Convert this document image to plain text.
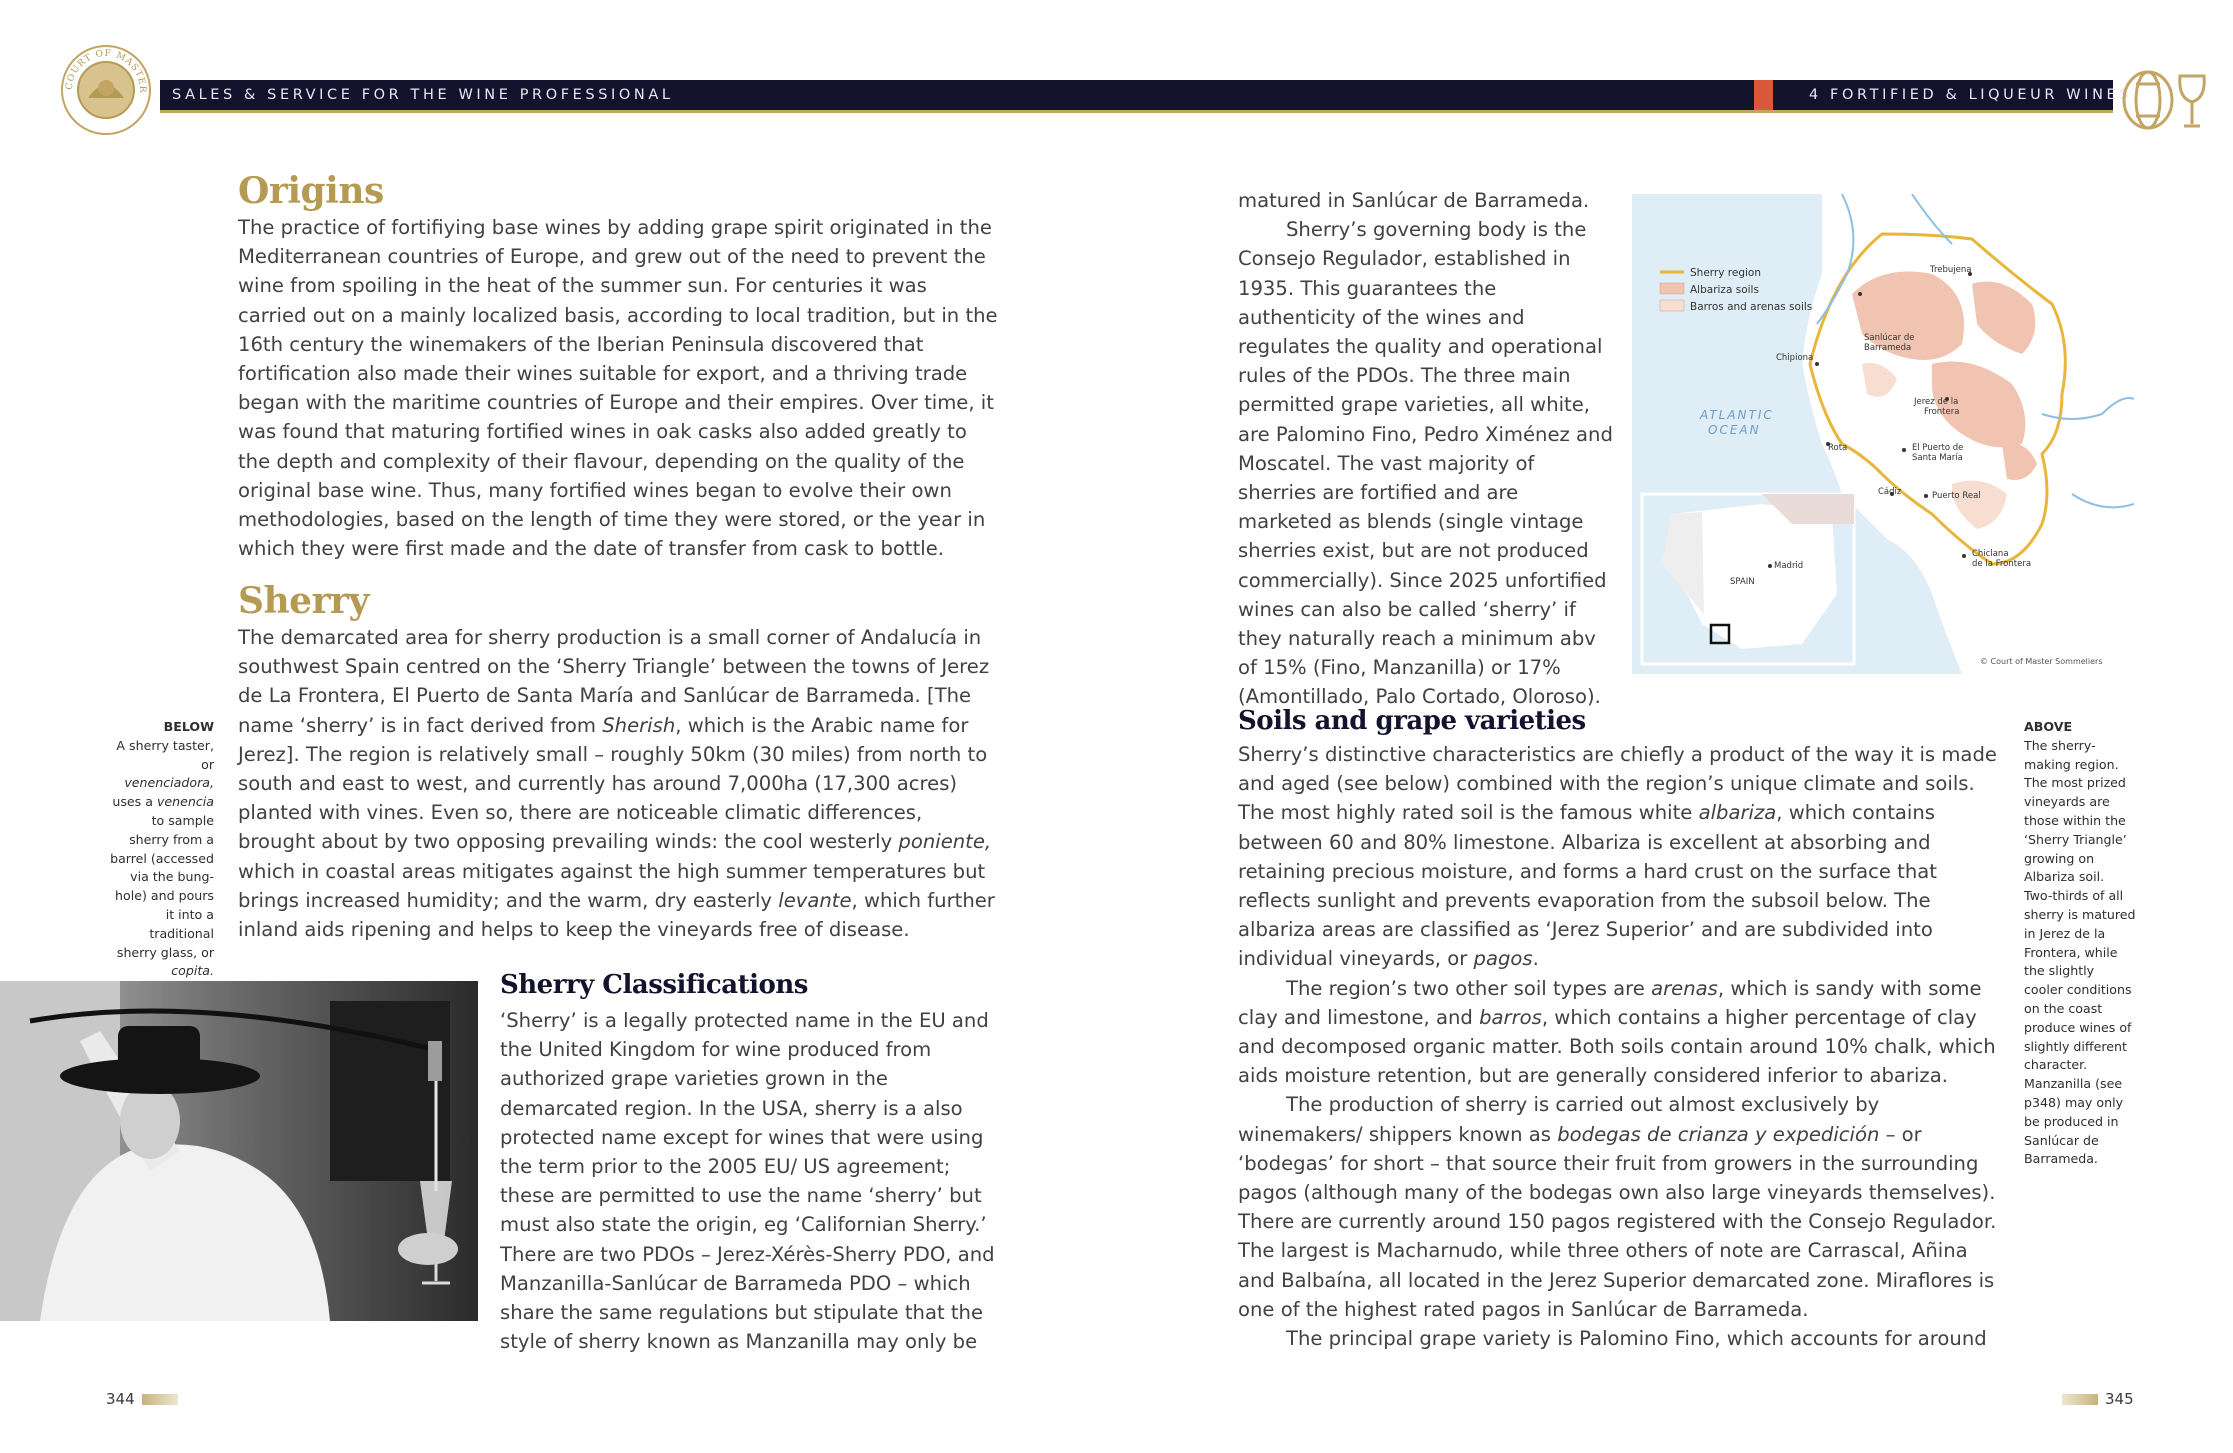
COURT OF MASTER SALES & SERVICE FOR THE WINE PROFESSIONAL	4 FORTIFIED & LIQUEUR WINES
Origins

The practice of fortifiying base wines by adding grape spirit originated in the Mediterranean countries of Europe, and grew out of the need to prevent the wine from spoiling in the heat of the summer sun. For centuries it was carried out on a mainly localized basis, according to local tradition, but in the 16th century the winemakers of the Iberian Peninsula discovered that fortification also made their wines suitable for export, and a thriving trade began with the maritime countries of Europe and their empires. Over time, it was found that maturing fortified wines in oak casks also added greatly to the depth and complexity of their flavour, depending on the quality of the original base wine. Thus, many fortified wines began to evolve their own methodologies, based on the length of time they were stored, or the year in which they were first made and the date of transfer from cask to bottle.

Sherry

The demarcated area for sherry production is a small corner of Andalucía in southwest Spain centred on the ‘Sherry Triangle’ between the towns of Jerez de La Frontera, El Puerto de Santa María and Sanlúcar de Barrameda. [The name ‘sherry’ is in fact derived from Sherish, which is the Arabic name for Jerez]. The region is relatively small – roughly 50km (30 miles) from north to south and east to west, and currently has around 7,000ha (17,300 acres) planted with vines. Even so, there are noticeable climatic differences, brought about by two opposing prevailing winds: the cool westerly poniente, which in coastal areas mitigates against the high summer temperatures but brings increased humidity; and the warm, dry easterly levante, which further inland aids ripening and helps to keep the vineyards free of disease.

BELOW
A sherry taster, or venenciadora, uses a venencia to sample sherry from a barrel (accessed via the bung-hole) and pours it into a traditional sherry glass, or copita.	Sherry Classifications

‘Sherry’ is a legally protected name in the EU and the United Kingdom for wine produced from authorized grape varieties grown in the demarcated region. In the USA, sherry is a also protected name except for wines that were using the term prior to the 2005 EU/ US agreement; these are permitted to use the name ‘sherry’ but must also state the origin, eg ‘Californian Sherry.’ There are two PDOs – Jerez-Xérès-Sherry PDO, and Manzanilla-Sanlúcar de Barrameda PDO – which share the same regulations but stipulate that the style of sherry known as Manzanilla may only be

344

matured in Sanlúcar de Barrameda.

Sherry’s governing body is the Consejo Regulador, established in 1935. This guarantees the authenticity of the wines and regulates the quality and operational rules of the PDOs. The three main permitted grape varieties, all white, are Palomino Fino, Pedro Ximénez and Moscatel. The vast majority of sherries are fortified and are marketed as blends (single vintage sherries exist, but are not produced commercially). Since 2025 unfortified wines can also be called ‘sherry’ if they naturally reach a minimum abv of 15% (Fino, Manzanilla) or 17% (Amontillado, Palo Cortado, Oloroso).

Sherry region
Albariza soils
Barros and arenas soils
ATLANTIC
OCEAN
Trebujena
Sanlúcar de
Barrameda
Chipiona
Jerez de la
Frontera
Rota	El Puerto de
Santa María
Cádiz	Puerto Real
Chiclana
de la Frontera
Madrid
SPAIN
© Court of Master Sommeliers
Soils and grape varieties

Sherry’s distinctive characteristics are chiefly a product of the way it is made and aged (see below) combined with the region’s unique climate and soils. The most highly rated soil is the famous white albariza, which contains between 60 and 80% limestone. Albariza is excellent at absorbing and retaining precious moisture, and forms a hard crust on the surface that reflects sunlight and prevents evaporation from the subsoil below. The albariza areas are classified as ‘Jerez Superior’ and are subdivided into individual vineyards, or pagos.

The region’s two other soil types are arenas, which is sandy with some clay and limestone, and barros, which contains a higher percentage of clay and decomposed organic matter. Both soils contain around 10% chalk, which aids moisture retention, but are generally considered inferior to abariza.

The production of sherry is carried out almost exclusively by winemakers/ shippers known as bodegas de crianza y expedición – or ‘bodegas’ for short – that source their fruit from growers in the surrounding pagos (although many of the bodegas own also large vineyards themselves). There are currently around 150 pagos registered with the Consejo Regulador. The largest is Macharnudo, while three others of note are Carrascal, Añina and Balbaína, all located in the Jerez Superior demarcated zone. Miraflores is one of the highest rated pagos in Sanlúcar de Barrameda.

The principal grape variety is Palomino Fino, which accounts for around

ABOVE
The sherry-making region. The most prized vineyards are those within the ‘Sherry Triangle’ growing on Albariza soil. Two-thirds of all sherry is matured in Jerez de la Frontera, while the slightly cooler conditions on the coast produce wines of slightly different character. Manzanilla (see p348) may only be produced in Sanlúcar de Barrameda.
345
